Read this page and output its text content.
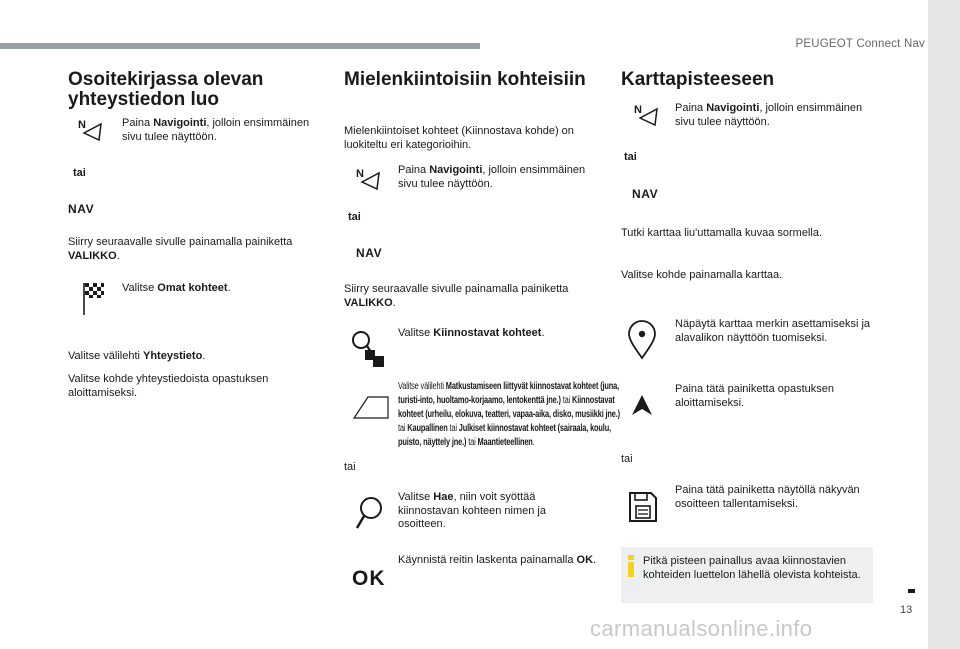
PEUGEOT Connect Nav
13
carmanualsonline.info
Osoitekirjassa olevan
yhteystiedon luo
N	Paina Navigointi, jolloin ensimmäinen sivu tulee näyttöön.
tai
NAV
Siirry seuraavalle sivulle painamalla painiketta VALIKKO.
Valitse Omat kohteet.
Valitse välilehti Yhteystieto.
Valitse kohde yhteystiedoista opastuksen aloittamiseksi.
Mielenkiintoisiin kohteisiin
Mielenkiintoiset kohteet (Kiinnostava kohde) on luokiteltu eri kategorioihin.
N	Paina Navigointi, jolloin ensimmäinen sivu tulee näyttöön.
tai
NAV
Siirry seuraavalle sivulle painamalla painiketta VALIKKO.
Valitse Kiinnostavat kohteet.
Valitse välilehti Matkustamiseen liittyvät kiinnostavat kohteet (juna, turisti-into, huoltamo-korjaamo, lentokenttä jne.) tai Kiinnostavat kohteet (urheilu, elokuva, teatteri, vapaa-aika, disko, musiikki jne.) tai Kaupallinen tai Julkiset kiinnostavat kohteet (sairaala, koulu, puisto, näyttely jne.) tai Maantieteellinen.
tai
Valitse Hae, niin voit syöttää kiinnostavan kohteen nimen ja osoitteen.
OK
Käynnistä reitin laskenta painamalla OK.
Karttapisteeseen
N	Paina Navigointi, jolloin ensimmäinen sivu tulee näyttöön.
tai
NAV
Tutki karttaa liu'uttamalla kuvaa sormella.
Valitse kohde painamalla karttaa.
Näpäytä karttaa merkin asettamiseksi ja alavalikon näyttöön tuomiseksi.
Paina tätä painiketta opastuksen aloittamiseksi.
tai
Paina tätä painiketta näytöllä näkyvän osoitteen tallentamiseksi.
Pitkä pisteen painallus avaa kiinnostavien kohteiden luettelon lähellä olevista kohteista.
